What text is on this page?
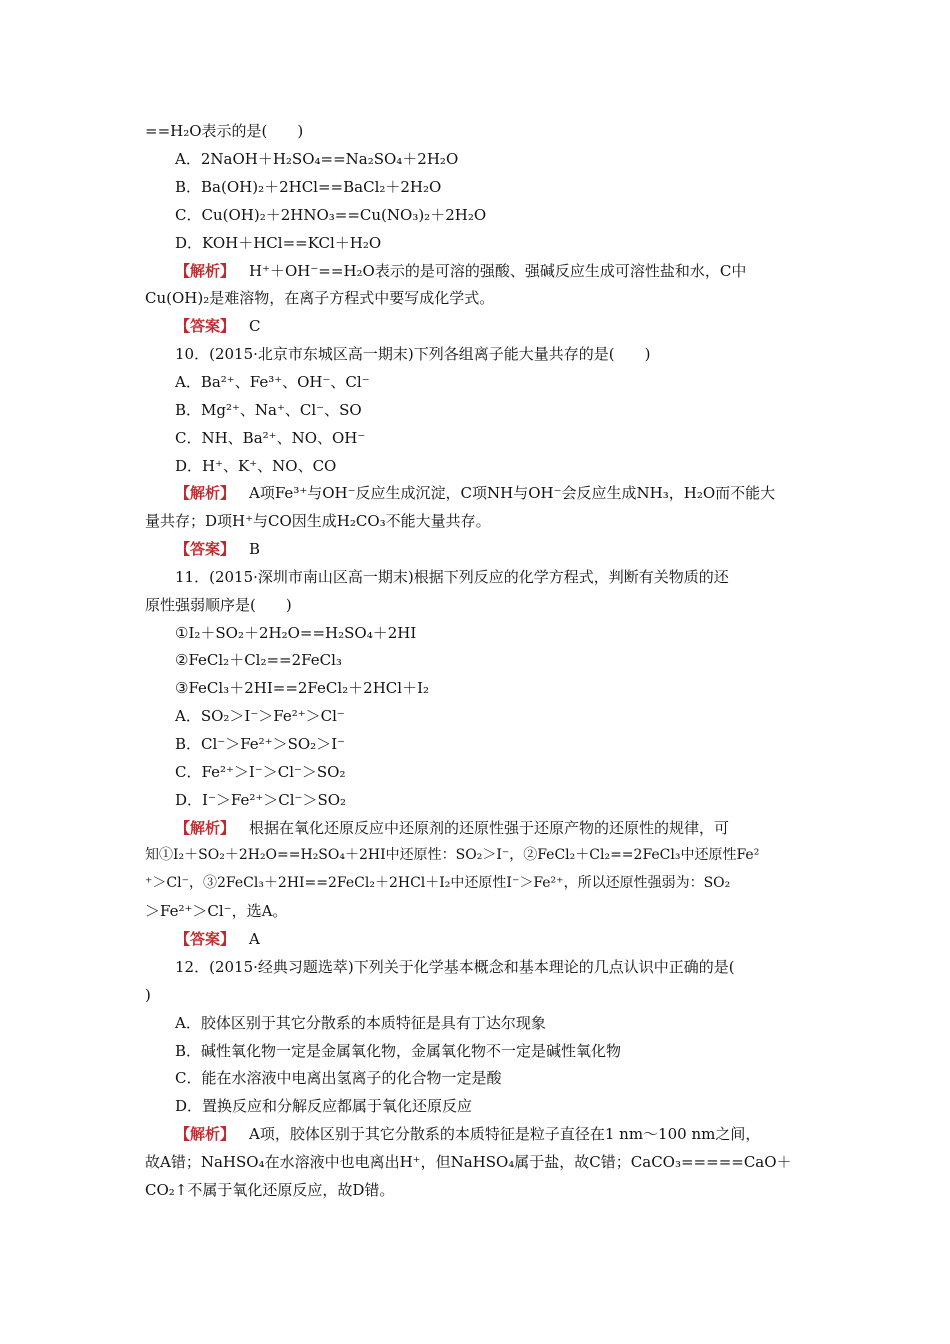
==H₂O表示的是(　　)
A．2NaOH＋H₂SO₄==Na₂SO₄＋2H₂O
B．Ba(OH)₂＋2HCl==BaCl₂＋2H₂O
C．Cu(OH)₂＋2HNO₃==Cu(NO₃)₂＋2H₂O
D．KOH＋HCl==KCl＋H₂O
【解析】 H⁺＋OH⁻==H₂O表示的是可溶的强酸、强碱反应生成可溶性盐和水，C中
Cu(OH)₂是难溶物，在离子方程式中要写成化学式。
【答案】 C
10．(2015·北京市东城区高一期末)下列各组离子能大量共存的是(　　)
A．Ba²⁺、Fe³⁺、OH⁻、Cl⁻
B．Mg²⁺、Na⁺、Cl⁻、SO
C．NH、Ba²⁺、NO、OH⁻
D．H⁺、K⁺、NO、CO
【解析】 A项Fe³⁺与OH⁻反应生成沉淀，C项NH与OH⁻会反应生成NH₃，H₂O而不能大
量共存；D项H⁺与CO因生成H₂CO₃不能大量共存。
【答案】 B
11．(2015·深圳市南山区高一期末)根据下列反应的化学方程式，判断有关物质的还
原性强弱顺序是(　　)
①I₂＋SO₂＋2H₂O==H₂SO₄＋2HI
②FeCl₂＋Cl₂==2FeCl₃
③FeCl₃＋2HI==2FeCl₂＋2HCl＋I₂
A．SO₂＞I⁻＞Fe²⁺＞Cl⁻
B．Cl⁻＞Fe²⁺＞SO₂＞I⁻
C．Fe²⁺＞I⁻＞Cl⁻＞SO₂
D．I⁻＞Fe²⁺＞Cl⁻＞SO₂
【解析】 根据在氧化还原反应中还原剂的还原性强于还原产物的还原性的规律，可
知①I₂＋SO₂＋2H₂O==H₂SO₄＋2HI中还原性：SO₂＞I⁻，②FeCl₂＋Cl₂==2FeCl₃中还原性Fe²
⁺＞Cl⁻，③2FeCl₃＋2HI==2FeCl₂＋2HCl＋I₂中还原性I⁻＞Fe²⁺，所以还原性强弱为：SO₂
＞Fe²⁺＞Cl⁻，选A。
【答案】 A
12．(2015·经典习题选萃)下列关于化学基本概念和基本理论的几点认识中正确的是(
)
A．胶体区别于其它分散系的本质特征是具有丁达尔现象
B．碱性氧化物一定是金属氧化物，金属氧化物不一定是碱性氧化物
C．能在水溶液中电离出氢离子的化合物一定是酸
D．置换反应和分解反应都属于氧化还原反应
【解析】 A项，胶体区别于其它分散系的本质特征是粒子直径在1 nm～100 nm之间，
故A错；NaHSO₄在水溶液中也电离出H⁺，但NaHSO₄属于盐，故C错；CaCO₃=====CaO＋
CO₂↑不属于氧化还原反应，故D错。
